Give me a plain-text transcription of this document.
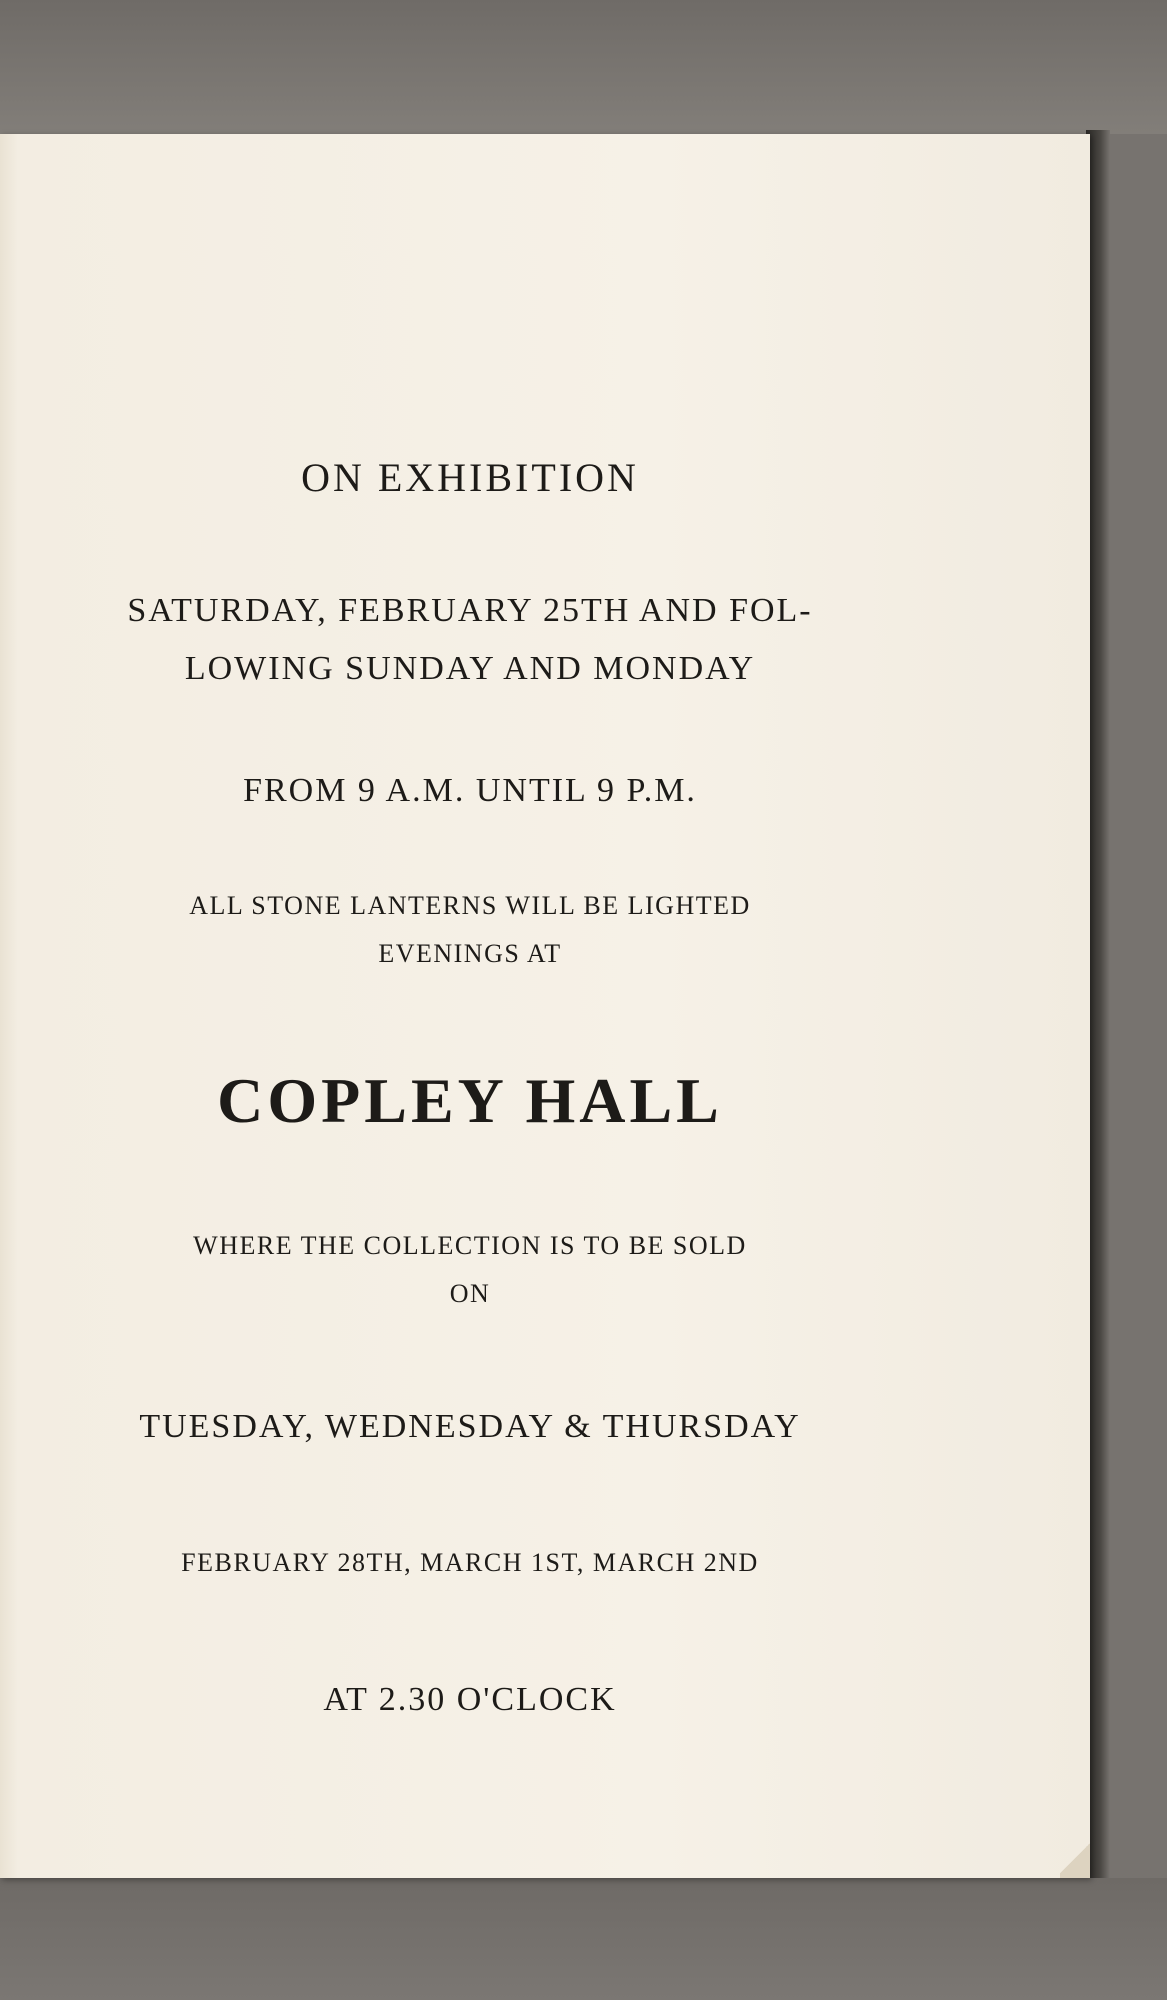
ON EXHIBITION
SATURDAY, FEBRUARY 25TH AND FOL-
LOWING SUNDAY AND MONDAY
FROM 9 A.M. UNTIL 9 P.M.
ALL STONE LANTERNS WILL BE LIGHTED
EVENINGS AT
COPLEY HALL
WHERE THE COLLECTION IS TO BE SOLD
ON
TUESDAY, WEDNESDAY & THURSDAY
FEBRUARY 28TH, MARCH 1ST, MARCH 2ND
AT 2.30 O'CLOCK
